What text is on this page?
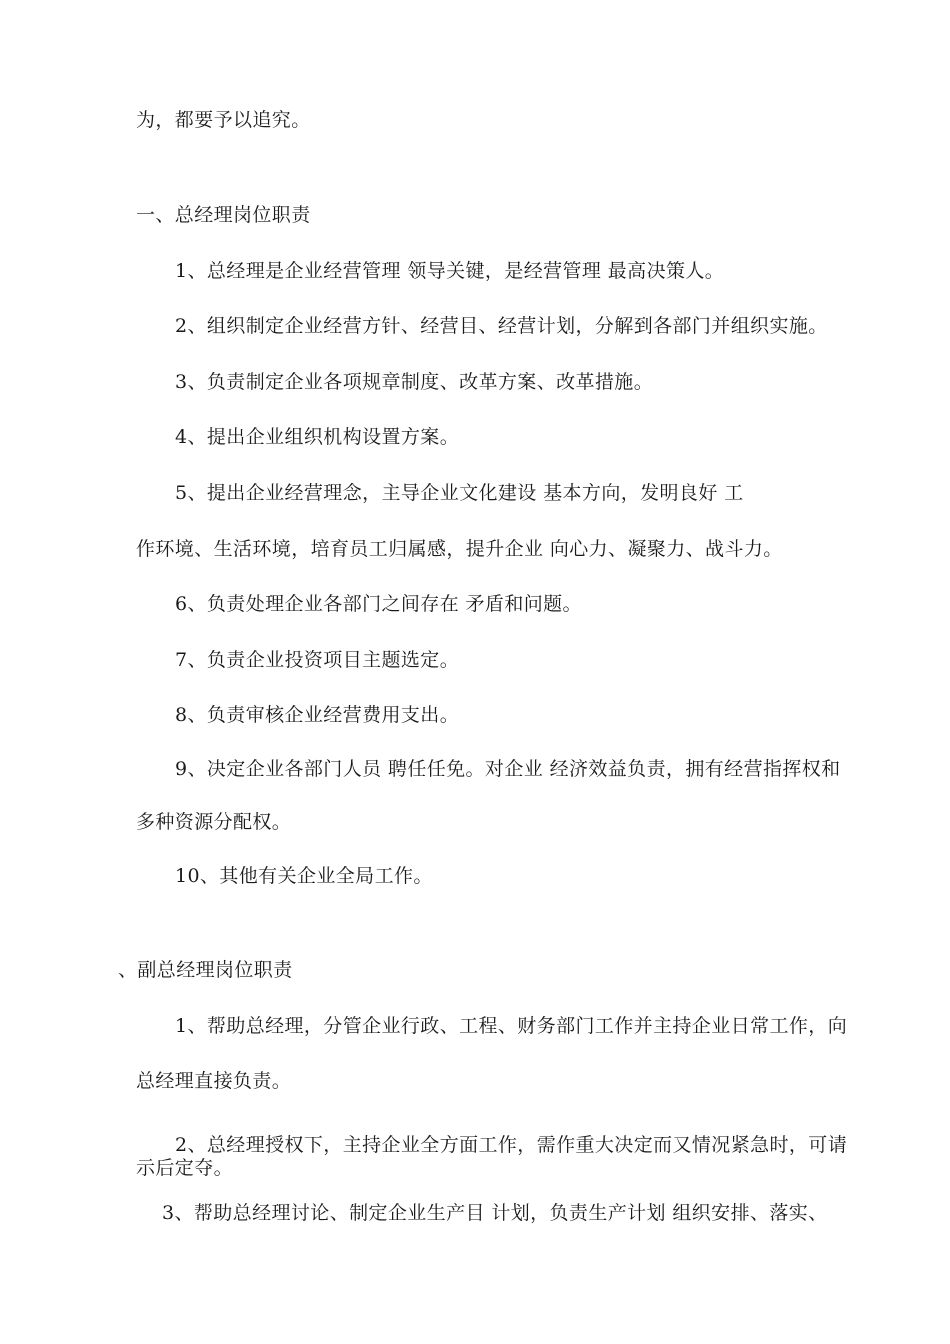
为，都要予以追究。
一、总经理岗位职责
1、总经理是企业经营管理 领导关键，是经营管理 最高决策人。
2、组织制定企业经营方针、经营目、经营计划，分解到各部门并组织实施。
3、负责制定企业各项规章制度、改革方案、改革措施。
4、提出企业组织机构设置方案。
5、提出企业经营理念，主导企业文化建设 基本方向，发明良好 工
作环境、生活环境，培育员工归属感，提升企业 向心力、凝聚力、战斗力。
6、负责处理企业各部门之间存在 矛盾和问题。
7、负责企业投资项目主题选定。
8、负责审核企业经营费用支出。
9、决定企业各部门人员 聘任任免。对企业 经济效益负责，拥有经营指挥权和
多种资源分配权。
10、其他有关企业全局工作。
、副总经理岗位职责
1、帮助总经理，分管企业行政、工程、财务部门工作并主持企业日常工作，向
总经理直接负责。
2、总经理授权下，主持企业全方面工作，需作重大决定而又情况紧急时，可请
示后定夺。
3、帮助总经理讨论、制定企业生产目 计划，负责生产计划 组织安排、落实、
